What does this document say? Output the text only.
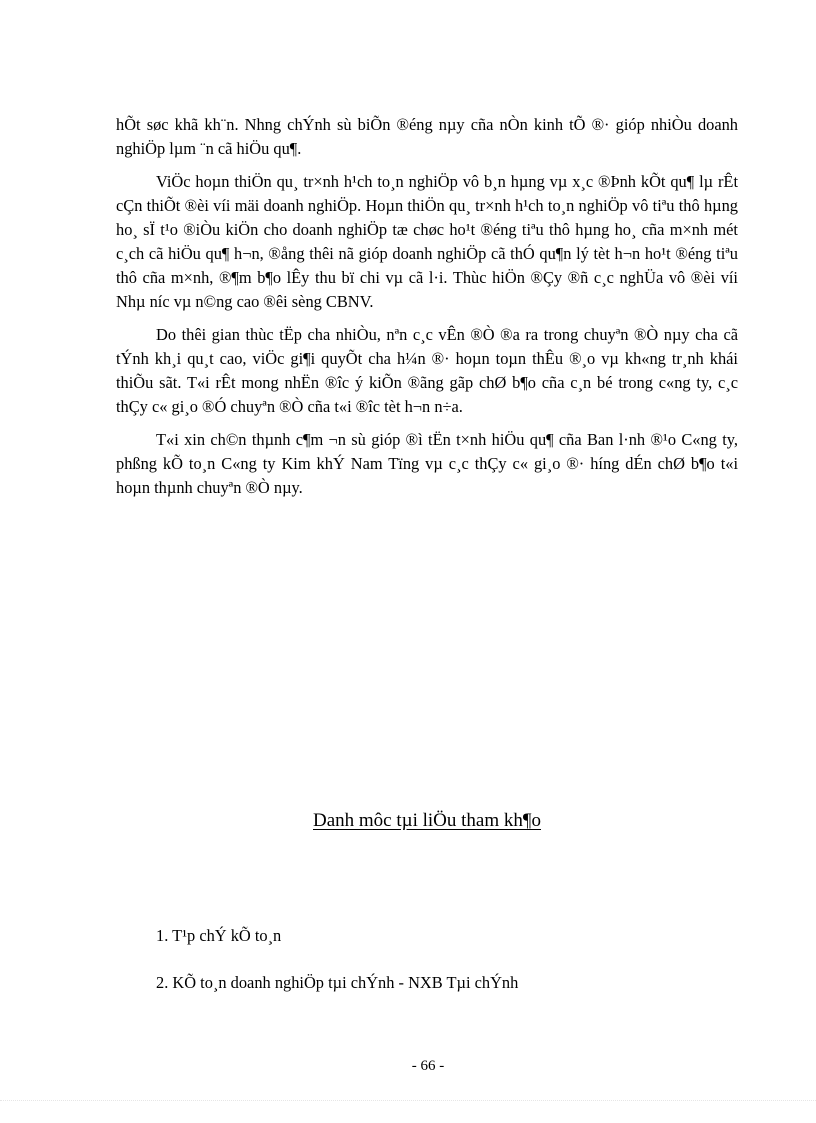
hÕt søc khã kh¨n. Nhng chÝnh sù biÕn ®éng nµy cña nÒn kinh tÕ ®· gióp nhiÒu doanh nghiÖp lµm ¨n cã hiÖu qu¶.

ViÖc hoµn thiÖn qu¸ tr×nh h¹ch to¸n nghiÖp vô b¸n hµng vµ x¸c ®Þnh kÕt qu¶ lµ rÊt cÇn thiÕt ®èi víi mäi doanh nghiÖp. Hoµn thiÖn qu¸ tr×nh h¹ch to¸n nghiÖp vô tiªu thô hµng ho¸ sÏ t¹o ®iÒu kiÖn cho doanh nghiÖp tæ chøc ho¹t ®éng tiªu thô hµng ho¸ cña m×nh mét c¸ch cã hiÖu qu¶ h¬n, ®ång thêi nã gióp doanh nghiÖp cã thÓ qu¶n lý tèt h¬n ho¹t ®éng tiªu thô cña m×nh, ®¶m b¶o lÊy thu bï chi vµ cã l·i. Thùc hiÖn ®Çy ®ñ c¸c nghÜa vô ®èi víi Nhµ níc vµ n©ng cao ®êi sèng CBNV.

Do thêi gian thùc tËp cha nhiÒu, nªn c¸c vÊn ®Ò ®a ra trong chuyªn ®Ò nµy cha cã tÝnh kh¸i qu¸t cao, viÖc gi¶i quyÕt cha h¼n ®· hoµn toµn thÊu ®¸o vµ kh«ng tr¸nh khái thiÕu sãt. T«i rÊt mong nhËn ®îc ý kiÕn ®ãng gãp chØ b¶o cña c¸n bé trong c«ng ty, c¸c thÇy c« gi¸o ®Ó chuyªn ®Ò cña t«i ®îc tèt h¬n n÷a.

T«i xin ch©n thµnh c¶m ¬n sù gióp ®ì tËn t×nh hiÖu qu¶ cña Ban l·nh ®¹o C«ng ty, phßng kÕ to¸n C«ng ty Kim khÝ Nam Tïng vµ c¸c thÇy c« gi¸o ®· híng dÉn chØ b¶o t«i hoµn thµnh chuyªn ®Ò nµy.

Danh môc tµi liÖu tham kh¶o
1. T¹p chÝ kÕ to¸n
2. KÕ to¸n doanh nghiÖp tµi chÝnh - NXB Tµi chÝnh
- 66 -
